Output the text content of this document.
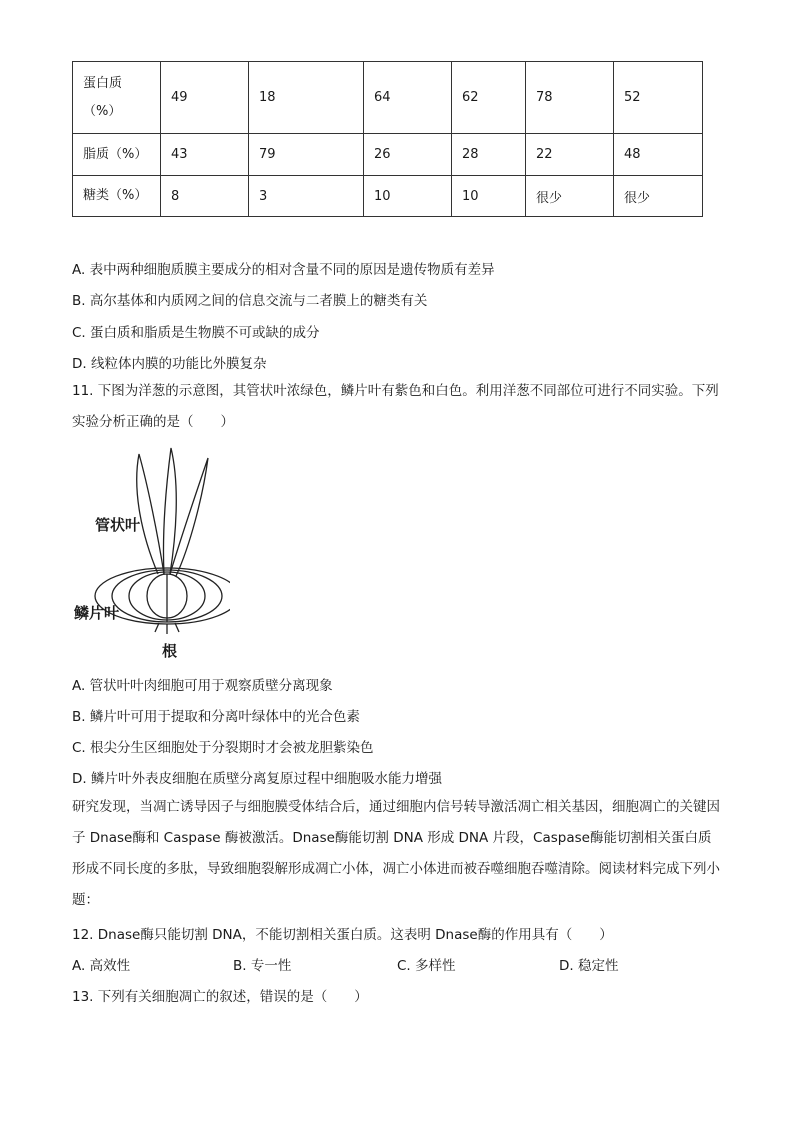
蛋白质（%）	49	18	64	62	78	52
脂质（%）	43	79	26	28	22	48
糖类（%）	8	3	10	10	很少	很少
A. 表中两种细胞质膜主要成分的相对含量不同的原因是遗传物质有差异
B. 高尔基体和内质网之间的信息交流与二者膜上的糖类有关
C. 蛋白质和脂质是生物膜不可或缺的成分
D. 线粒体内膜的功能比外膜复杂
11. 下图为洋葱的示意图，其管状叶浓绿色，鳞片叶有紫色和白色。利用洋葱不同部位可进行不同实验。下列实验分析正确的是（　　）
管状叶
鳞片叶
根
A. 管状叶叶肉细胞可用于观察质壁分离现象
B. 鳞片叶可用于提取和分离叶绿体中的光合色素
C. 根尖分生区细胞处于分裂期时才会被龙胆紫染色
D. 鳞片叶外表皮细胞在质壁分离复原过程中细胞吸水能力增强
研究发现，当凋亡诱导因子与细胞膜受体结合后，通过细胞内信号转导激活凋亡相关基因，细胞凋亡的关键因子 Dnase酶和 Caspase 酶被激活。Dnase酶能切割 DNA 形成 DNA 片段，Caspase酶能切割相关蛋白质形成不同长度的多肽，导致细胞裂解形成凋亡小体，凋亡小体进而被吞噬细胞吞噬清除。阅读材料完成下列小题：
12. Dnase酶只能切割 DNA，不能切割相关蛋白质。这表明 Dnase酶的作用具有（　　）
A. 高效性	B. 专一性	C. 多样性	D. 稳定性
13. 下列有关细胞凋亡的叙述，错误的是（　　）
